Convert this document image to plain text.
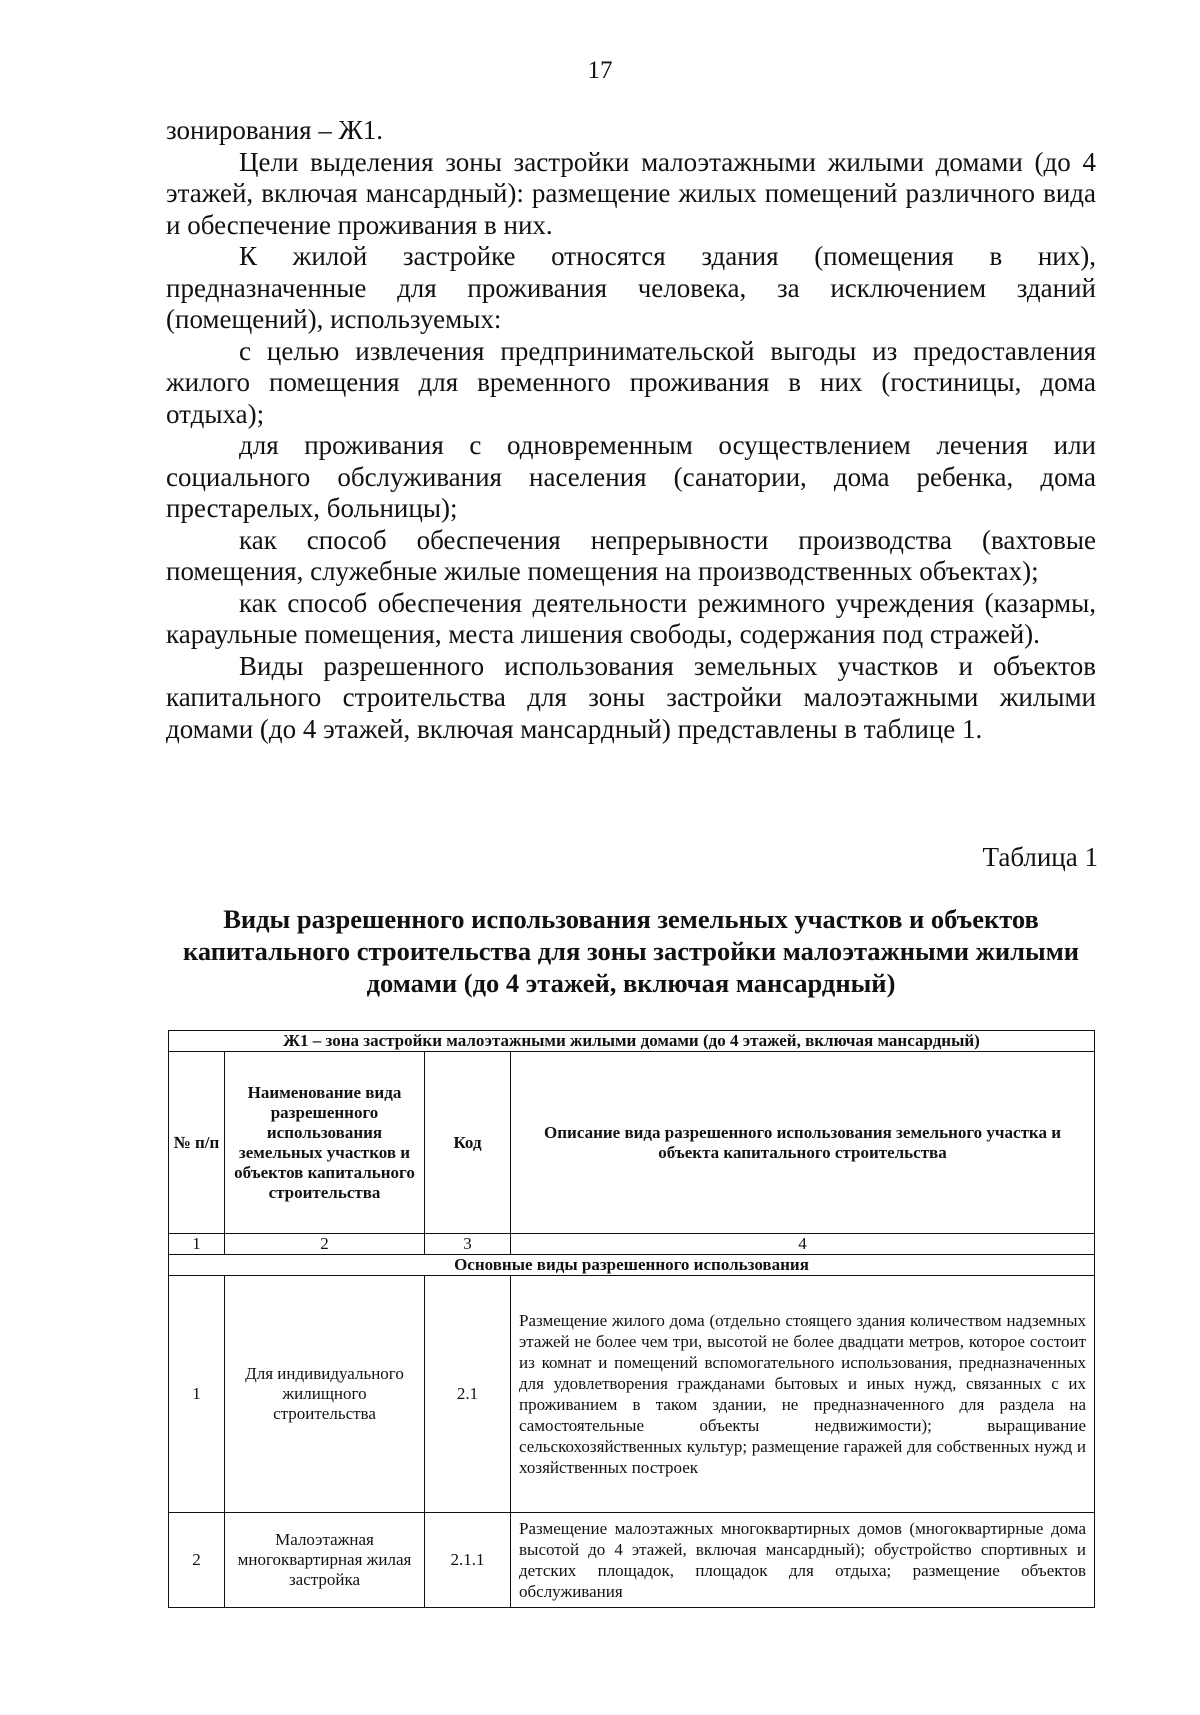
17

зонирования – Ж1.

Цели выделения зоны застройки малоэтажными жилыми домами (до 4 этажей, включая мансардный): размещение жилых помещений различного вида и обеспечение проживания в них.

К жилой застройке относятся здания (помещения в них), предназначенные для проживания человека, за исключением зданий (помещений), используемых:

с целью извлечения предпринимательской выгоды из предоставления жилого помещения для временного проживания в них (гостиницы, дома отдыха);

для проживания с одновременным осуществлением лечения или социального обслуживания населения (санатории, дома ребенка, дома престарелых, больницы);

как способ обеспечения непрерывности производства (вахтовые помещения, служебные жилые помещения на производственных объектах);

как способ обеспечения деятельности режимного учреждения (казармы, караульные помещения, места лишения свободы, содержания под стражей).

Виды разрешенного использования земельных участков и объектов капитального строительства для зоны застройки малоэтажными жилыми домами (до 4 этажей, включая мансардный) представлены в таблице 1.

Таблица 1
Виды разрешенного использования земельных участков и объектов капитального строительства для зоны застройки малоэтажными жилыми домами (до 4 этажей, включая мансардный)
Ж1 – зона застройки малоэтажными жилыми домами (до 4 этажей, включая мансардный)			
№ п/п	Наименование вида разрешенного использования земельных участков и объектов капитального строительства	Код	Описание вида разрешенного использования земельного участка и объекта капитального строительства
1	2	3	4
Основные виды разрешенного использования			
1	Для индивидуального жилищного строительства	2.1	Размещение жилого дома (отдельно стоящего здания количеством надземных этажей не более чем три, высотой не более двадцати метров, которое состоит из комнат и помещений вспомогательного использования, предназначенных для удовлетворения гражданами бытовых и иных нужд, связанных с их проживанием в таком здании, не предназначенного для раздела на самостоятельные объекты недвижимости); выращивание сельскохозяйственных культур; размещение гаражей для собственных нужд и хозяйственных построек
2	Малоэтажная многоквартирная жилая застройка	2.1.1	Размещение малоэтажных многоквартирных домов (многоквартирные дома высотой до 4 этажей, включая мансардный); обустройство спортивных и детских площадок, площадок для отдыха; размещение объектов обслуживания
